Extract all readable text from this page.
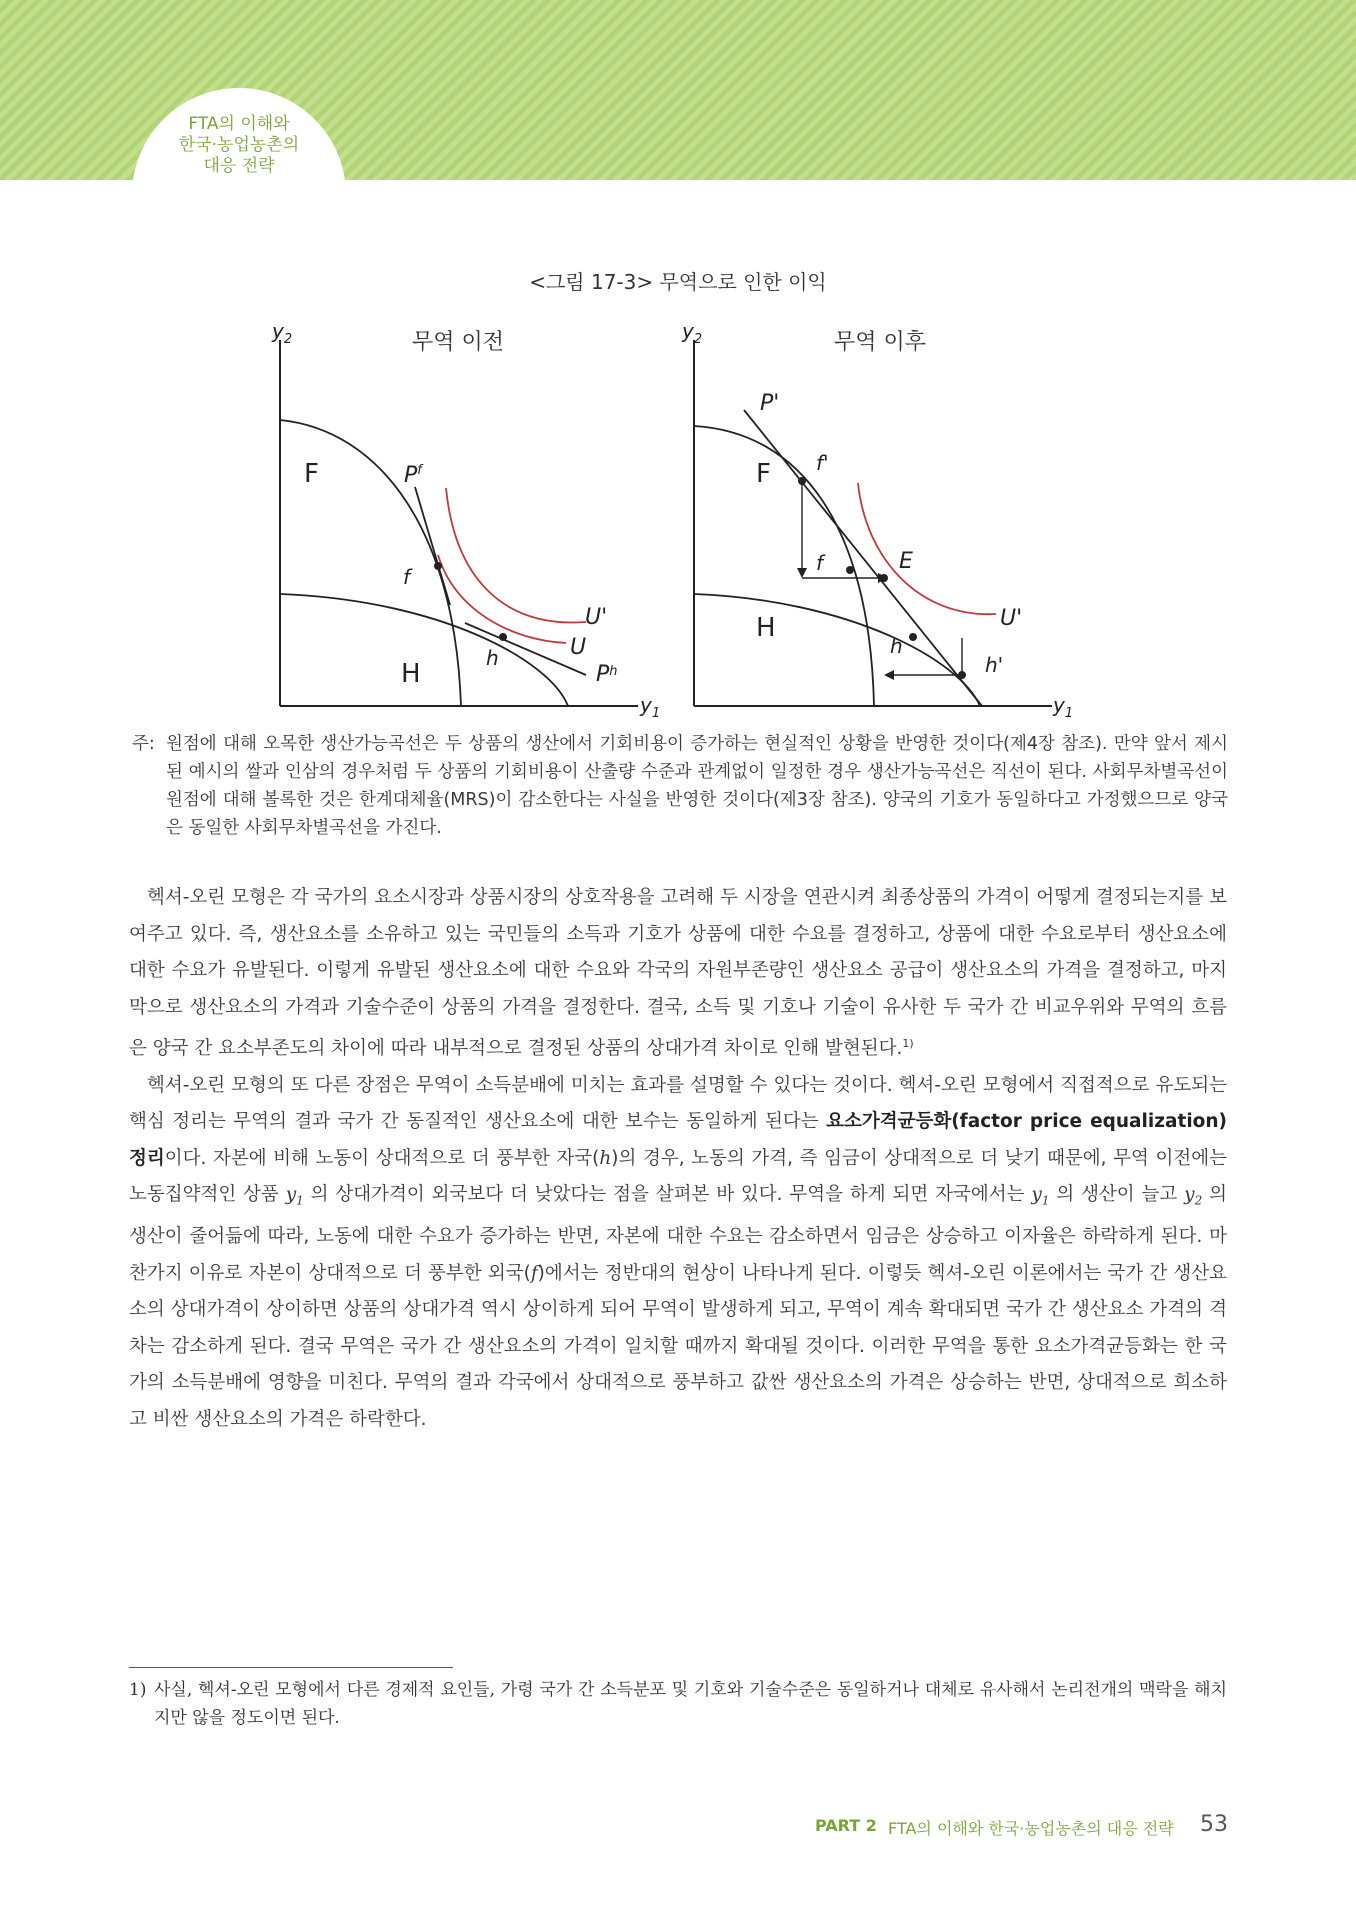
FTA의 이해와
한국·농업농촌의
대응 전략
<그림 17-3> 무역으로 인한 이익
무역 이전
$y_2$
$y_1$
F
H
$P^f$
$P^h$
f
h	U
U'
무역 이후
$y_2$
$y_1$
F
H
P'
f'
f	E
h
h'
U'
주: 원점에 대해 오목한 생산가능곡선은 두 상품의 생산에서 기회비용이 증가하는 현실적인 상황을 반영한 것이다(제4장 참조). 만약 앞서 제시된 예시의 쌀과 인삼의 경우처럼 두 상품의 기회비용이 산출량 수준과 관계없이 일정한 경우 생산가능곡선은 직선이 된다. 사회무차별곡선이 원점에 대해 볼록한 것은 한계대체율(MRS)이 감소한다는 사실을 반영한 것이다(제3장 참조). 양국의 기호가 동일하다고 가정했으므로 양국은 동일한 사회무차별곡선을 가진다.

헥셔-오린 모형은 각 국가의 요소시장과 상품시장의 상호작용을 고려해 두 시장을 연관시켜 최종상품의 가격이 어떻게 결정되는지를 보여주고 있다. 즉, 생산요소를 소유하고 있는 국민들의 소득과 기호가 상품에 대한 수요를 결정하고, 상품에 대한 수요로부터 생산요소에 대한 수요가 유발된다. 이렇게 유발된 생산요소에 대한 수요와 각국의 자원부존량인 생산요소 공급이 생산요소의 가격을 결정하고, 마지막으로 생산요소의 가격과 기술수준이 상품의 가격을 결정한다. 결국, 소득 및 기호나 기술이 유사한 두 국가 간 비교우위와 무역의 흐름은 양국 간 요소부존도의 차이에 따라 내부적으로 결정된 상품의 상대가격 차이로 인해 발현된다.$^{1)}$

헥셔-오린 모형의 또 다른 장점은 무역이 소득분배에 미치는 효과를 설명할 수 있다는 것이다. 헥셔-오린 모형에서 직접적으로 유도되는 핵심 정리는 무역의 결과 국가 간 동질적인 생산요소에 대한 보수는 동일하게 된다는 요소가격균등화(factor price equalization) 정리이다. 자본에 비해 노동이 상대적으로 더 풍부한 자국(h)의 경우, 노동의 가격, 즉 임금이 상대적으로 더 낮기 때문에, 무역 이전에는 노동집약적인 상품 $y_1$ 의 상대가격이 외국보다 더 낮았다는 점을 살펴본 바 있다. 무역을 하게 되면 자국에서는 $y_1$ 의 생산이 늘고 $y_2$ 의 생산이 줄어듦에 따라, 노동에 대한 수요가 증가하는 반면, 자본에 대한 수요는 감소하면서 임금은 상승하고 이자율은 하락하게 된다. 마찬가지 이유로 자본이 상대적으로 더 풍부한 외국(f)에서는 정반대의 현상이 나타나게 된다. 이렇듯 헥셔-오린 이론에서는 국가 간 생산요소의 상대가격이 상이하면 상품의 상대가격 역시 상이하게 되어 무역이 발생하게 되고, 무역이 계속 확대되면 국가 간 생산요소 가격의 격차는 감소하게 된다. 결국 무역은 국가 간 생산요소의 가격이 일치할 때까지 확대될 것이다. 이러한 무역을 통한 요소가격균등화는 한 국가의 소득분배에 영향을 미친다. 무역의 결과 각국에서 상대적으로 풍부하고 값싼 생산요소의 가격은 상승하는 반면, 상대적으로 희소하고 비싼 생산요소의 가격은 하락한다.

1) 사실, 헥셔-오린 모형에서 다른 경제적 요인들, 가령 국가 간 소득분포 및 기호와 기술수준은 동일하거나 대체로 유사해서 논리전개의 맥락을 해치지만 않을 정도이면 된다.
PART 2 FTA의 이해와 한국·농업농촌의 대응 전략 53
